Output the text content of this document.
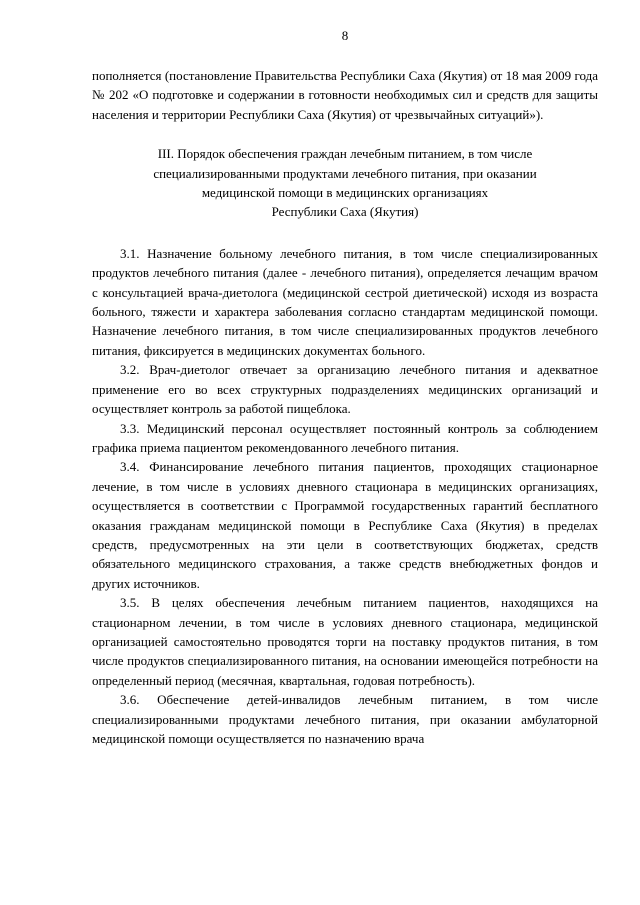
8

пополняется (постановление Правительства Республики Саха (Якутия) от 18 мая 2009 года № 202 «О подготовке и содержании в готовности необходимых сил и средств для защиты населения и территории Республики Саха (Якутия) от чрезвычайных ситуаций»).

III. Порядок обеспечения граждан лечебным питанием, в том числе
специализированными продуктами лечебного питания, при оказании
медицинской помощи в медицинских организациях
Республики Саха (Якутия)

3.1. Назначение больному лечебного питания, в том числе специализированных продуктов лечебного питания (далее - лечебного питания), определяется лечащим врачом с консультацией врача-диетолога (медицинской сестрой диетической) исходя из возраста больного, тяжести и характера заболевания согласно стандартам медицинской помощи. Назначение лечебного питания, в том числе специализированных продуктов лечебного питания, фиксируется в медицинских документах больного.

3.2. Врач-диетолог отвечает за организацию лечебного питания и адекватное применение его во всех структурных подразделениях медицинских организаций и осуществляет контроль за работой пищеблока.

3.3. Медицинский персонал осуществляет постоянный контроль за соблюдением графика приема пациентом рекомендованного лечебного питания.

3.4. Финансирование лечебного питания пациентов, проходящих стационарное лечение, в том числе в условиях дневного стационара в медицинских организациях, осуществляется в соответствии с Программой государственных гарантий бесплатного оказания гражданам медицинской помощи в Республике Саха (Якутия) в пределах средств, предусмотренных на эти цели в соответствующих бюджетах, средств обязательного медицинского страхования, а также средств внебюджетных фондов и других источников.

3.5. В целях обеспечения лечебным питанием пациентов, находящихся на стационарном лечении, в том числе в условиях дневного стационара, медицинской организацией самостоятельно проводятся торги на поставку продуктов питания, в том числе продуктов специализированного питания, на основании имеющейся потребности на определенный период (месячная, квартальная, годовая потребность).

3.6. Обеспечение детей-инвалидов лечебным питанием, в том числе специализированными продуктами лечебного питания, при оказании амбулаторной медицинской помощи осуществляется по назначению врача
